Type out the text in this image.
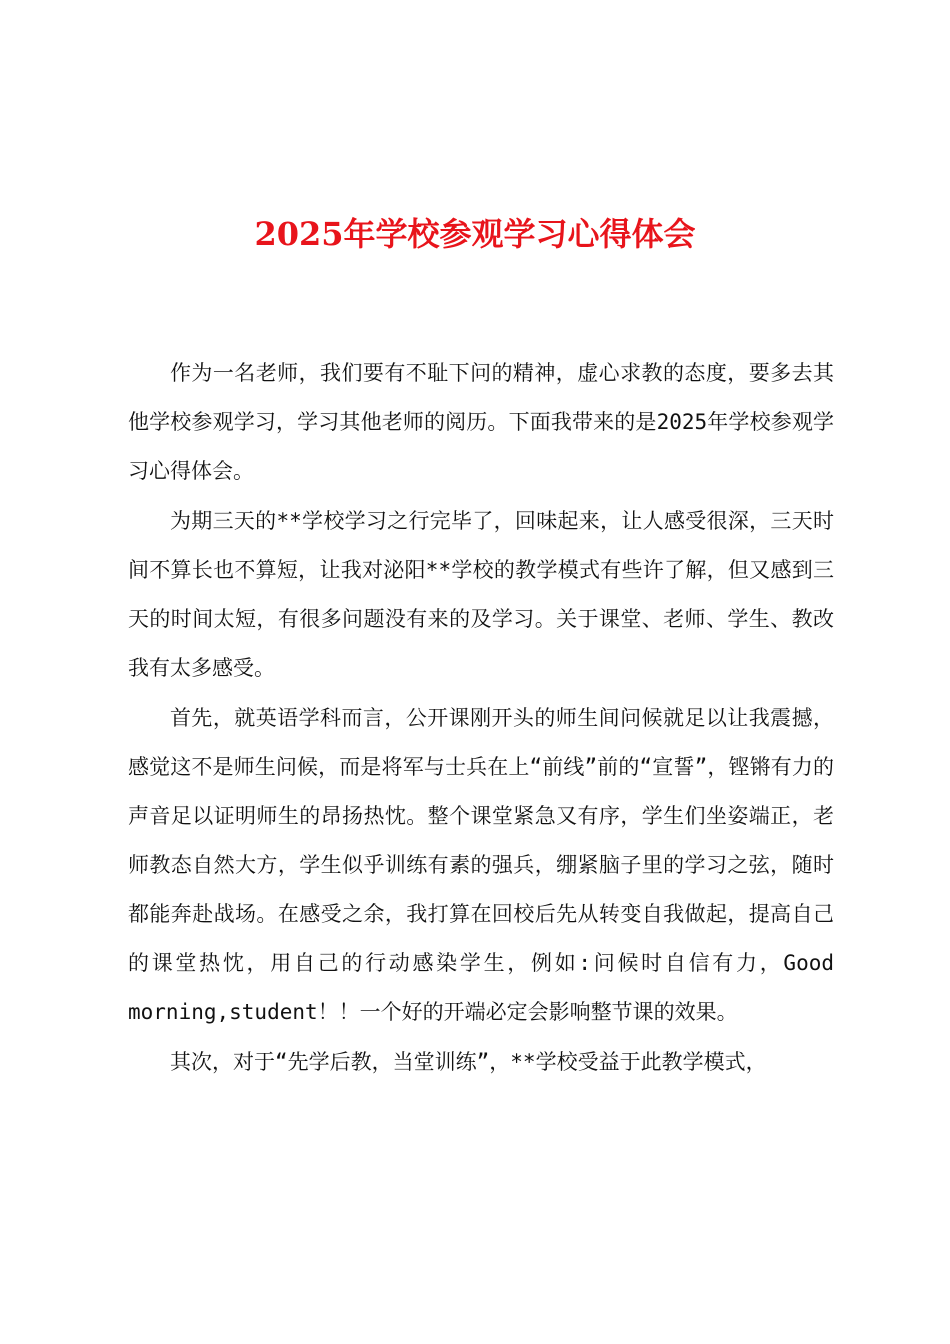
2025年学校参观学习心得体会

作为一名老师，我们要有不耻下问的精神，虚心求教的态度，要多去其他学校参观学习，学习其他老师的阅历。下面我带来的是2025年学校参观学习心得体会。

为期三天的**学校学习之行完毕了，回味起来，让人感受很深，三天时间不算长也不算短，让我对泌阳**学校的教学模式有些许了解，但又感到三天的时间太短，有很多问题没有来的及学习。关于课堂、老师、学生、教改我有太多感受。

首先，就英语学科而言，公开课刚开头的师生间问候就足以让我震撼，感觉这不是师生问候，而是将军与士兵在上“前线”前的“宣誓”，铿锵有力的声音足以证明师生的昂扬热忱。整个课堂紧急又有序，学生们坐姿端正，老师教态自然大方，学生似乎训练有素的强兵，绷紧脑子里的学习之弦，随时都能奔赴战场。在感受之余，我打算在回校后先从转变自我做起，提高自己的课堂热忱，用自己的行动感染学生，例如:问候时自信有力，Good morning,student！！一个好的开端必定会影响整节课的效果。

其次，对于“先学后教，当堂训练”，**学校受益于此教学模式，
